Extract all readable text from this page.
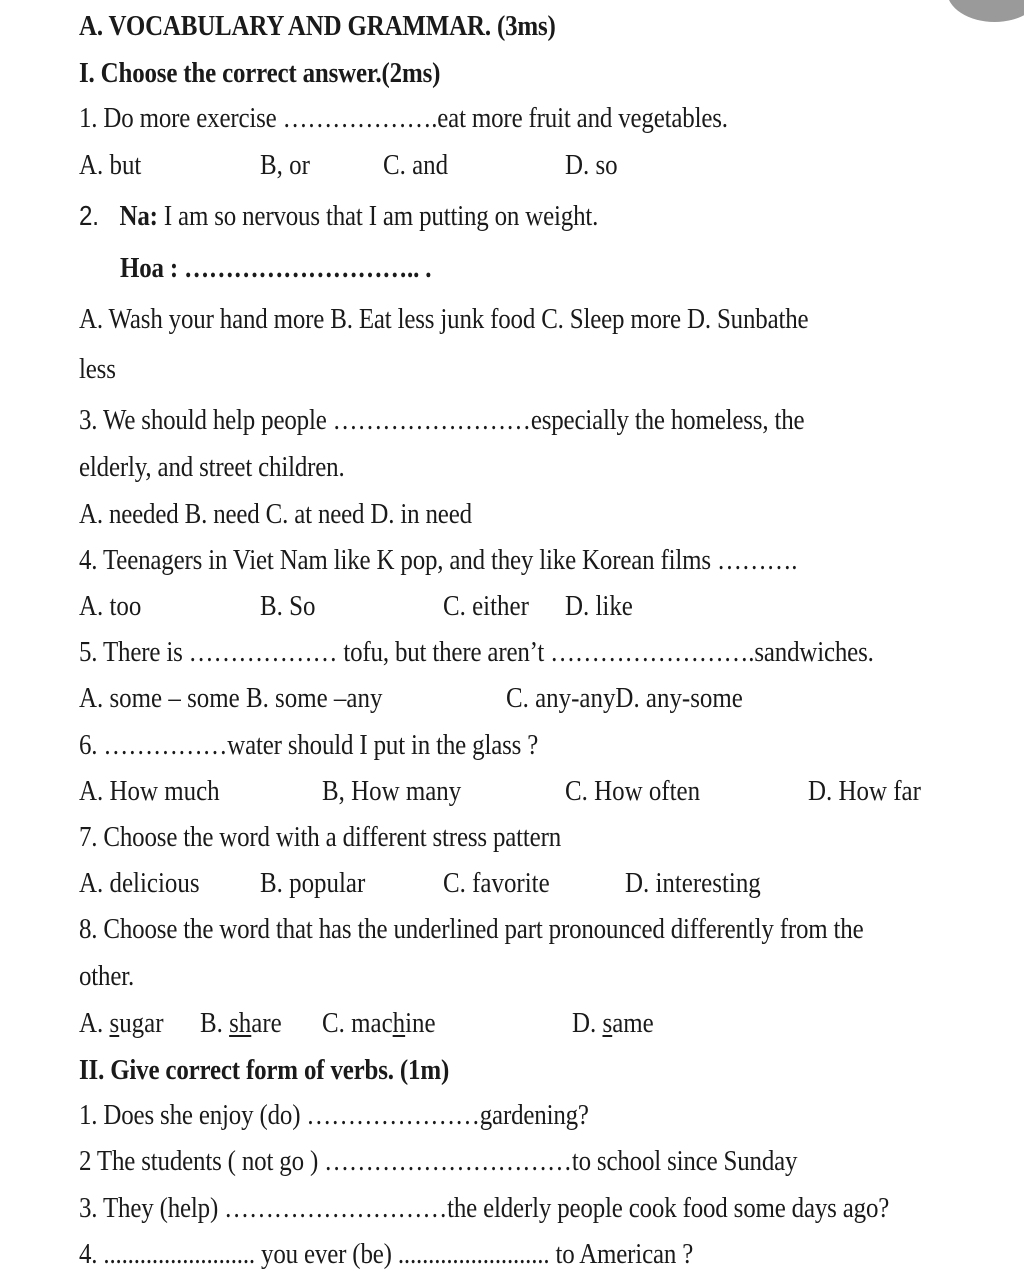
A. VOCABULARY AND GRAMMAR. (3ms)
I. Choose the correct answer.(2ms)
1. Do more exercise ……………….eat more fruit and vegetables.
A. but	B, or	C. and	D. so
2. Na: I am so nervous that I am putting on weight.
Hoa : ……………………….. .
A. Wash your hand more B. Eat less junk food C. Sleep more D. Sunbathe
less
3. We should help people ……………………especially the homeless, the
elderly, and street children.
A. needed B. need C. at need D. in need
4. Teenagers in Viet Nam like K pop, and they like Korean films ……….
A. too	B. So	C. either D. like
5. There is ……………… tofu, but there aren’t …………………….sandwiches.
A. some – some B. some –any	C. any-anyD. any-some
6. ……………water should I put in the glass ?
A. How much	B, How many	C. How often	D. How far
7. Choose the word with a different stress pattern
A. delicious B. popular	C. favorite	D. interesting
8. Choose the word that has the underlined part pronounced differently from the
other.
A. sugar B. share C. machine	D. same
II. Give correct form of verbs. (1m)
1. Does she enjoy (do) …………………gardening?
2 The students ( not go ) …………………………to school since Sunday
3. They (help) ………………………the elderly people cook food some days ago?
4. ......................... you ever (be) ......................... to American ?
